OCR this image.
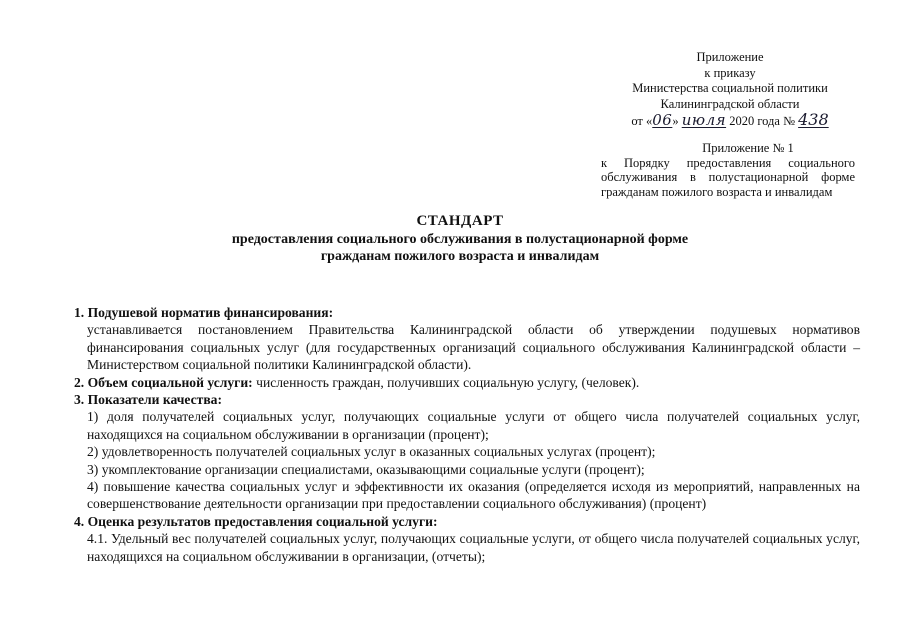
Приложение
к приказу
Министерства социальной политики
Калининградской области
от «06» июля 2020 года № 438
Приложение № 1
к Порядку предоставления социального обслуживания в полустационарной форме гражданам пожилого возраста и инвалидам
СТАНДАРТ
предоставления социального обслуживания в полустационарной форме
гражданам пожилого возраста и инвалидам
1. Подушевой норматив финансирования:
устанавливается постановлением Правительства Калининградской области об утверждении подушевых нормативов финансирования социальных услуг (для государственных организаций социального обслуживания Калининградской области – Министерством социальной политики Калининградской области).
2. Объем социальной услуги: численность граждан, получивших социальную услугу, (человек).
3. Показатели качества:
1) доля получателей социальных услуг, получающих социальные услуги от общего числа получателей социальных услуг, находящихся на социальном обслуживании в организации (процент);
2) удовлетворенность получателей социальных услуг в оказанных социальных услугах (процент);
3) укомплектование организации специалистами, оказывающими социальные услуги (процент);
4) повышение качества социальных услуг и эффективности их оказания (определяется исходя из мероприятий, направленных на совершенствование деятельности организации при предоставлении социального обслуживания) (процент)
4. Оценка результатов предоставления социальной услуги:
4.1. Удельный вес получателей социальных услуг, получающих социальные услуги, от общего числа получателей социальных услуг, находящихся на социальном обслуживании в организации, (отчеты);
